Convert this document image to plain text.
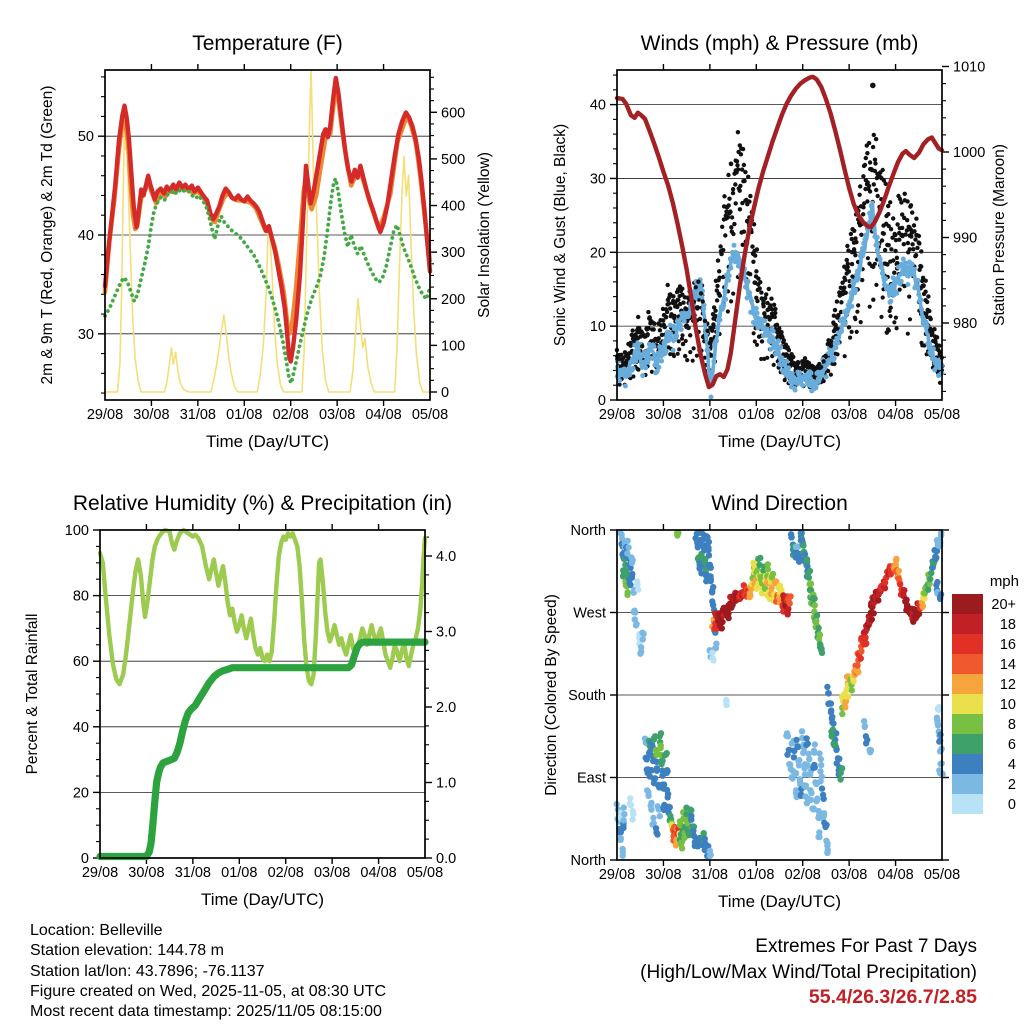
29/08 30/08 31/08 01/08 02/08 03/08 04/08 05/08
Time (Day/UTC)
Temperature (F)
30
40
50
0
100
200
300
400
500
600
2m & 9m T (Red, Orange) & 2m Td (Green)	Solar Insolation (Yellow)
29/08 30/08 31/08 01/08 02/08 03/08 04/08 05/08
Time (Day/UTC)
Winds (mph) & Pressure (mb)
0
10
20
30
40
980
990
1000
1010
Sonic Wind & Gust (Blue, Black)	Station Pressure (Maroon)
29/08 30/08 31/08 01/08 02/08 03/08 04/08 05/08
Time (Day/UTC)
Relative Humidity (%) & Precipitation (in)
0
20
40
60
80
100
0.0
1.0
2.0
3.0
4.0
Percent & Total Rainfall
29/08 30/08 31/08 01/08 02/08 03/08 04/08 05/08
Time (Day/UTC)
Wind Direction
North
West
South
East
North
Direction (Colored By Speed)
mph
20+
18
16
14
12
10
8
6
4
2
0
Location: Belleville
Station elevation: 144.78 m
Station lat/lon: 43.7896; -76.1137
Figure created on Wed, 2025-11-05, at 08:30 UTC
Most recent data timestamp: 2025/11/05 08:15:00
Extremes For Past 7 Days
(High/Low/Max Wind/Total Precipitation)
55.4/26.3/26.7/2.85
